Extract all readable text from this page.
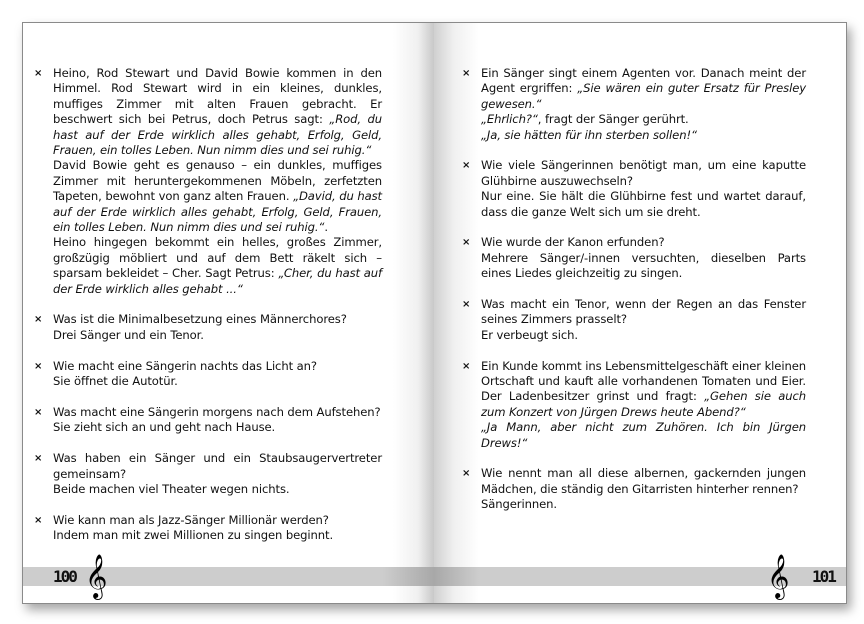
× Heino, Rod Stewart und David Bowie kommen in den Himmel. Rod Stewart wird in ein kleines, dunkles, muffiges Zimmer mit alten Frauen gebracht. Er beschwert sich bei Petrus, doch Petrus sagt: „Rod, du hast auf der Erde wirklich alles gehabt, Erfolg, Geld, Frauen, ein tolles Leben. Nun nimm dies und sei ruhig.“
David Bowie geht es genauso – ein dunkles, muffiges Zimmer mit heruntergekommenen Möbeln, zerfetzten Tapeten, bewohnt von ganz alten Frauen. „David, du hast auf der Erde wirklich alles gehabt, Erfolg, Geld, Frauen, ein tolles Leben. Nun nimm dies und sei ruhig.“.
Heino hingegen bekommt ein helles, großes Zimmer, großzügig möbliert und auf dem Bett räkelt sich – sparsam bekleidet – Cher. Sagt Petrus: „Cher, du hast auf der Erde wirklich alles gehabt ...“
× Was ist die Minimalbesetzung eines Männerchores?
Drei Sänger und ein Tenor.
× Wie macht eine Sängerin nachts das Licht an?
Sie öffnet die Autotür.
× Was macht eine Sängerin morgens nach dem Aufstehen?
Sie zieht sich an und geht nach Hause.
× Was haben ein Sänger und ein Staubsaugervertreter gemeinsam?
Beide machen viel Theater wegen nichts.
× Wie kann man als Jazz-Sänger Millionär werden?
Indem man mit zwei Millionen zu singen beginnt.
100 𝄞
× Ein Sänger singt einem Agenten vor. Danach meint der Agent ergriffen: „Sie wären ein guter Ersatz für Presley gewesen.“
„Ehrlich?“, fragt der Sänger gerührt.
„Ja, sie hätten für ihn sterben sollen!“
× Wie viele Sängerinnen benötigt man, um eine kaputte Glühbirne auszuwechseln?
Nur eine. Sie hält die Glühbirne fest und wartet darauf, dass die ganze Welt sich um sie dreht.
× Wie wurde der Kanon erfunden?
Mehrere Sänger/-innen versuchten, dieselben Parts eines Liedes gleichzeitig zu singen.
× Was macht ein Tenor, wenn der Regen an das Fenster seines Zimmers prasselt?
Er verbeugt sich.
× Ein Kunde kommt ins Lebensmittelgeschäft einer kleinen Ortschaft und kauft alle vorhandenen Tomaten und Eier. Der Ladenbesitzer grinst und fragt: „Gehen sie auch zum Konzert von Jürgen Drews heute Abend?“
„Ja Mann, aber nicht zum Zuhören. Ich bin Jürgen Drews!“
× Wie nennt man all diese albernen, gackernden jungen Mädchen, die ständig den Gitarristen hinterher rennen?
Sängerinnen.
101
𝄞
